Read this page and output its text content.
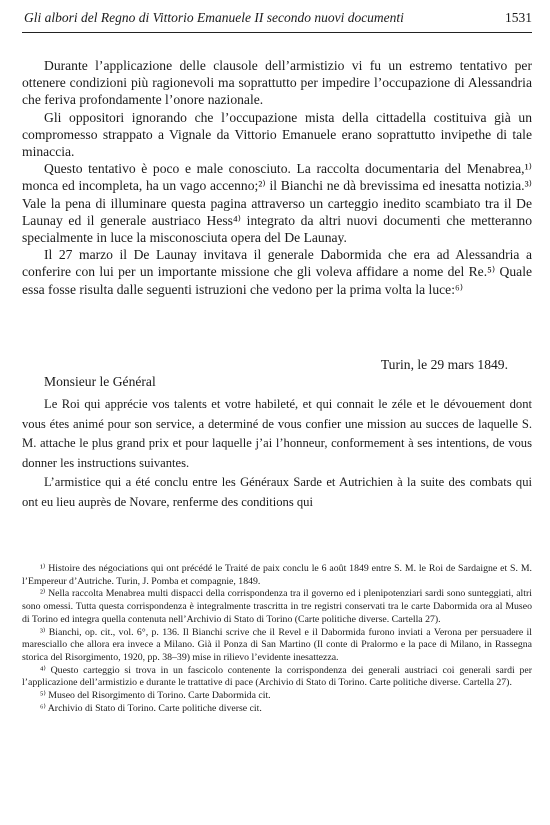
Gli albori del Regno di Vittorio Emanuele II secondo nuovi documenti	1531

Durante l’applicazione delle clausole dell’armistizio vi fu un estremo tentativo per ottenere condizioni più ragionevoli ma soprattutto per impedire l’occupazione di Alessandria che feriva profondamente l’onore nazionale.

Gli oppositori ignorando che l’occupazione mista della cittadella costituiva già un compromesso strappato a Vignale da Vittorio Emanuele erano soprattutto invipethe di tale minaccia.

Questo tentativo è poco e male conosciuto. La raccolta documentaria del Menabrea,¹⁾ monca ed incompleta, ha un vago accenno;²⁾ il Bianchi ne dà brevissima ed inesatta notizia.³⁾ Vale la pena di illuminare questa pagina attraverso un carteggio inedito scambiato tra il De Launay ed il generale austriaco Hess⁴⁾ integrato da altri nuovi documenti che metteranno specialmente in luce la misconosciuta opera del De Launay.

Il 27 marzo il De Launay invitava il generale Dabormida che era ad Alessandria a conferire con lui per un importante missione che gli voleva affidare a nome del Re.⁵⁾ Quale essa fosse risulta dalle seguenti istruzioni che vedono per la prima volta la luce:⁶⁾

Turin, le 29 mars 1849.
Monsieur le Général

Le Roi qui apprécie vos talents et votre habileté, et qui connait le zéle et le dévouement dont vous étes animé pour son service, a determiné de vous confier une mission au succes de laquelle S. M. attache le plus grand prix et pour laquelle j’ai l’honneur, conformement à ses intentions, de vous donner les instructions suivantes.

L’armistice qui a été conclu entre les Généraux Sarde et Autrichien à la suite des combats qui ont eu lieu auprès de Novare, renferme des conditions qui

¹⁾ Histoire des négociations qui ont précédé le Traité de paix conclu le 6 août 1849 entre S. M. le Roi de Sardaigne et S. M. l’Empereur d’Autriche. Turin, J. Pomba et compagnie, 1849.

²⁾ Nella raccolta Menabrea multi dispacci della corrispondenza tra il governo ed i plenipotenziari sardi sono sunteggiati, altri sono omessi. Tutta questa corrispondenza è integralmente trascritta in tre registri conservati tra le carte Dabormida ora al Museo di Torino ed integra quella contenuta nell’Archivio di Stato di Torino (Carte politiche diverse. Cartella 27).

³⁾ Bianchi, op. cit., vol. 6°, p. 136. Il Bianchi scrive che il Revel e il Dabormida furono inviati a Verona per persuadere il maresciallo che allora era invece a Milano. Già il Ponza di San Martino (Il conte di Pralormo e la pace di Milano, in Rassegna storica del Risorgimento, 1920, pp. 38–39) mise in rilievo l’evidente inesattezza.

⁴⁾ Questo carteggio si trova in un fascicolo contenente la corrispondenza dei generali austriaci coi generali sardi per l’applicazione dell’armistizio e durante le trattative di pace (Archivio di Stato di Torino. Carte politiche diverse. Cartella 27).

⁵⁾ Museo del Risorgimento di Torino. Carte Dabormida cit.

⁶⁾ Archivio di Stato di Torino. Carte politiche diverse cit.
